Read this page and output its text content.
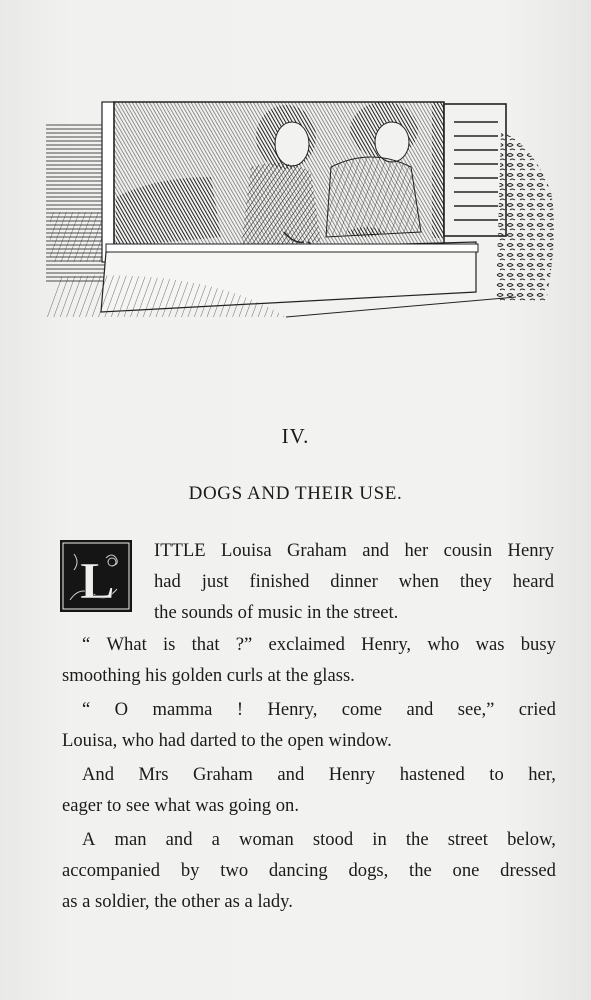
IV.
DOGS AND THEIR USE.
L
ITTLE Louisa Graham and her cousin Henry
had just finished dinner when they heard
the sounds of music in the street.
“ What is that ?” exclaimed Henry, who was busy
smoothing his golden curls at the glass.
“ O mamma ! Henry, come and see,” cried
Louisa, who had darted to the open window.
And Mrs Graham and Henry hastened to her,
eager to see what was going on.
A man and a woman stood in the street below,
accompanied by two dancing dogs, the one dressed
as a soldier, the other as a lady.
